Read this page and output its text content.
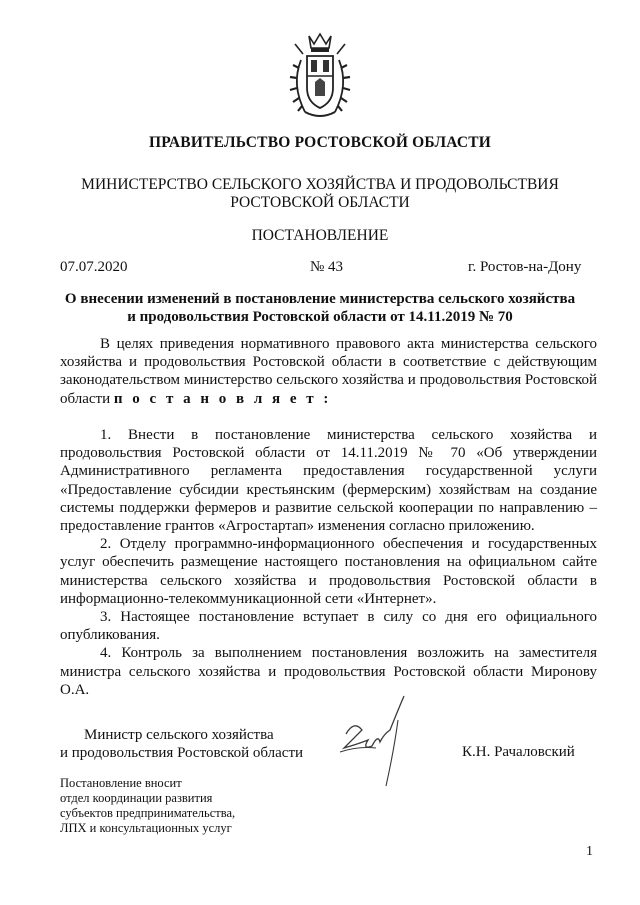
ПРАВИТЕЛЬСТВО РОСТОВСКОЙ ОБЛАСТИ
МИНИСТЕРСТВО СЕЛЬСКОГО ХОЗЯЙСТВА И ПРОДОВОЛЬСТВИЯ
РОСТОВСКОЙ ОБЛАСТИ
ПОСТАНОВЛЕНИЕ
07.07.2020	№ 43	г. Ростов-на-Дону
О внесении изменений в постановление министерства сельского хозяйства
и продовольствия Ростовской области от 14.11.2019 № 70

В целях приведения нормативного правового акта министерства сельского хозяйства и продовольствия Ростовской области в соответствие с действующим законодательством министерство сельского хозяйства и продовольствия Ростовской области п о с т а н о в л я е т :

1. Внести в постановление министерства сельского хозяйства и продовольствия Ростовской области от 14.11.2019 № 70 «Об утверждении Административного регламента предоставления государственной услуги «Предоставление субсидии крестьянским (фермерским) хозяйствам на создание системы поддержки фермеров и развитие сельской кооперации по направлению – предоставление грантов «Агростартап» изменения согласно приложению.

2. Отделу программно-информационного обеспечения и государственных услуг обеспечить размещение настоящего постановления на официальном сайте министерства сельского хозяйства и продовольствия Ростовской области в информационно-телекоммуникационной сети «Интернет».

3. Настоящее постановление вступает в силу со дня его официального опубликования.

4. Контроль за выполнением постановления возложить на заместителя министра сельского хозяйства и продовольствия Ростовской области Миронову О.А.

Министр сельского хозяйства
и продовольствия Ростовской области	К.Н. Рачаловский
Постановление вносит
отдел координации развития
субъектов предпринимательства,
ЛПХ и консультационных услуг
1
